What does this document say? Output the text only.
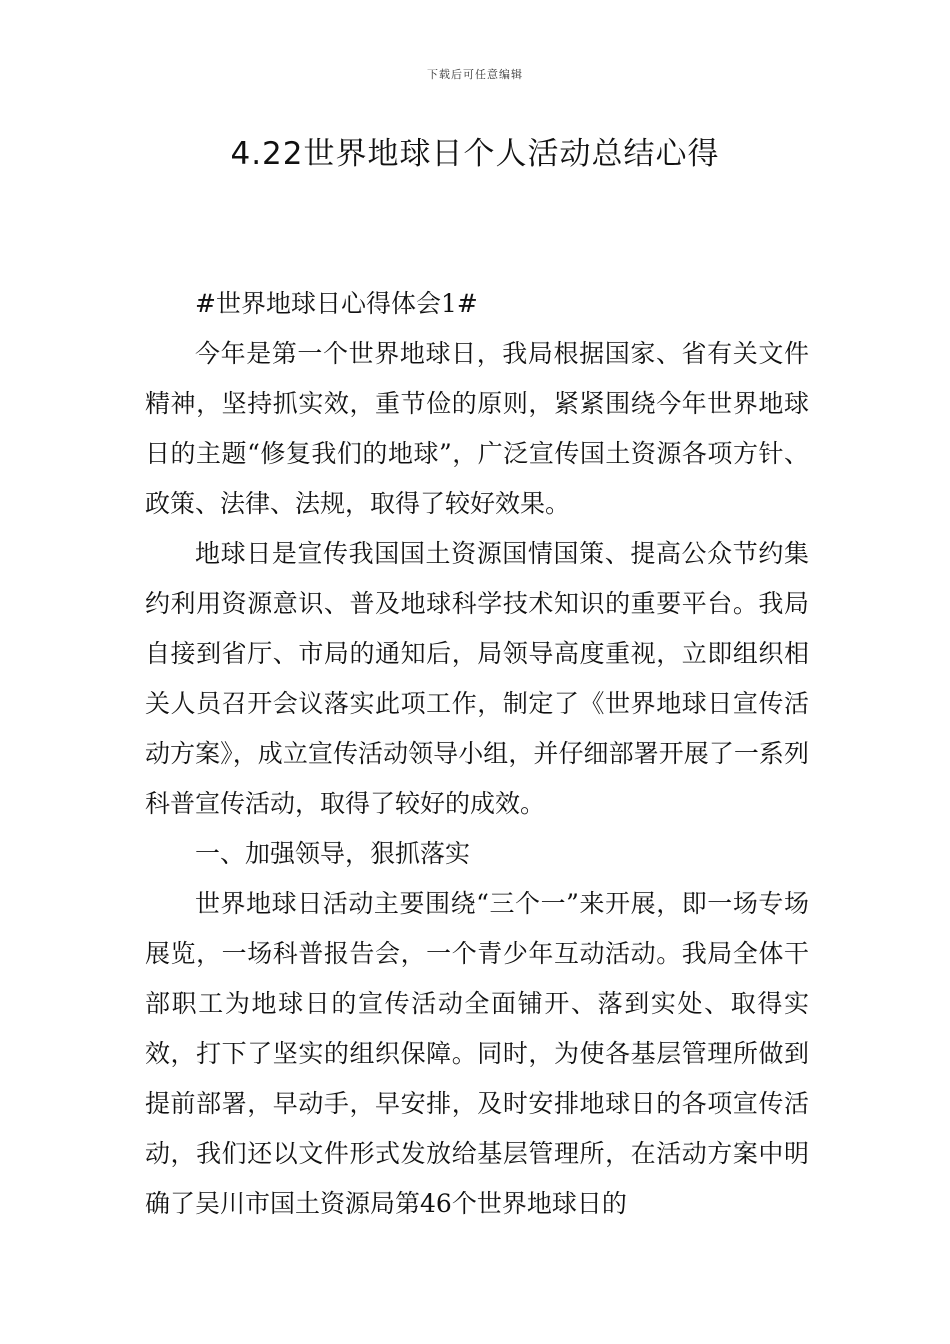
下载后可任意编辑
4.22世界地球日个人活动总结心得

#世界地球日心得体会1#

今年是第一个世界地球日，我局根据国家、省有关文件精神，坚持抓实效，重节俭的原则，紧紧围绕今年世界地球日的主题“修复我们的地球”，广泛宣传国土资源各项方针、政策、法律、法规，取得了较好效果。

地球日是宣传我国国土资源国情国策、提高公众节约集约利用资源意识、普及地球科学技术知识的重要平台。我局自接到省厅、市局的通知后，局领导高度重视，立即组织相关人员召开会议落实此项工作，制定了《世界地球日宣传活动方案》，成立宣传活动领导小组，并仔细部署开展了一系列科普宣传活动，取得了较好的成效。

一、加强领导，狠抓落实

世界地球日活动主要围绕“三个一”来开展，即一场专场展览，一场科普报告会，一个青少年互动活动。我局全体干部职工为地球日的宣传活动全面铺开、落到实处、取得实效，打下了坚实的组织保障。同时，为使各基层管理所做到提前部署，早动手，早安排，及时安排地球日的各项宣传活动，我们还以文件形式发放给基层管理所，在活动方案中明确了吴川市国土资源局第46个世界地球日的
